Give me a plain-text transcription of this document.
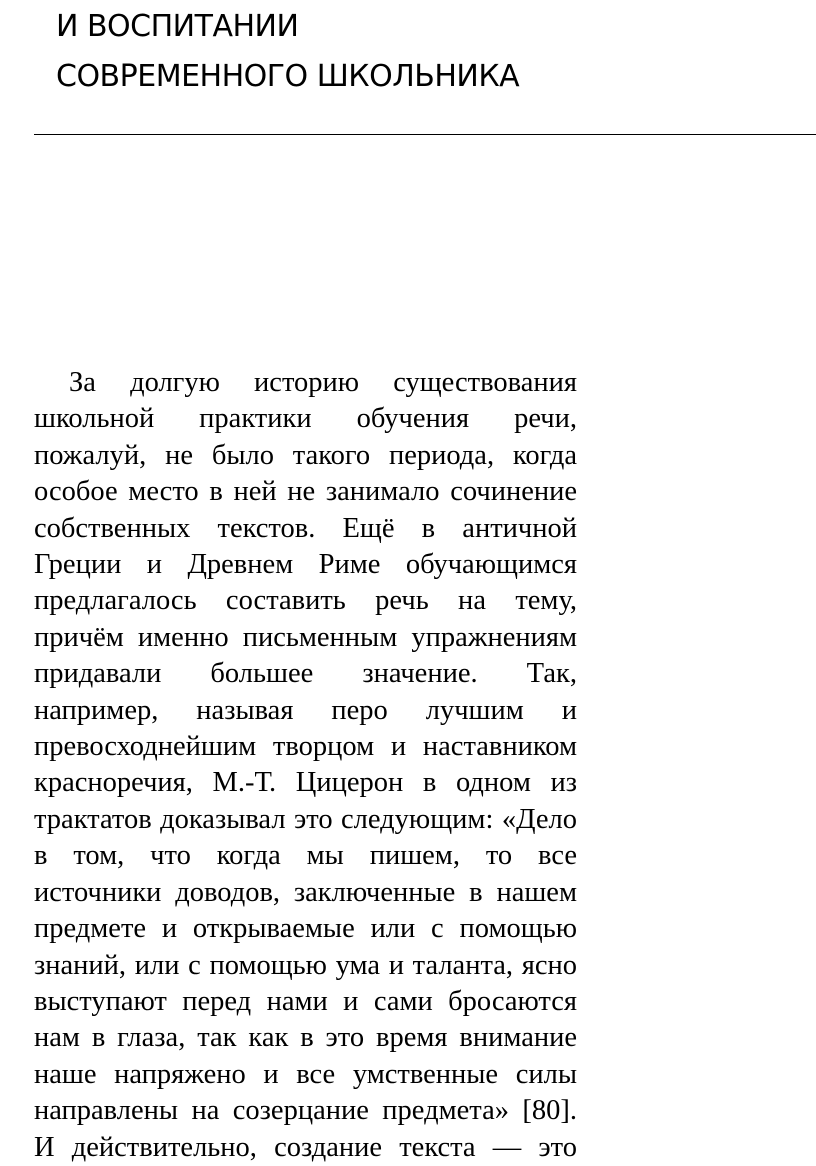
И ВОСПИТАНИИ
СОВРЕМЕННОГО ШКОЛЬНИКА
За долгую историю существования
школьной практики обучения речи,
пожалуй, не было такого периода, когда
особое место в ней не занимало сочинение
собственных текстов. Ещё в античной
Греции и Древнем Риме обучающимся
предлагалось составить речь на тему,
причём именно письменным упражнениям
придавали большее значение. Так,
например, называя перо лучшим и
превосходнейшим творцом и наставником
красноречия, М.-Т. Цицерон в одном из
трактатов доказывал это следующим: «Дело
в том, что когда мы пишем, то все
источники доводов, заключенные в нашем
предмете и открываемые или с помощью
знаний, или с помощью ума и таланта, ясно
выступают перед нами и сами бросаются
нам в глаза, так как в это время внимание
наше напряжено и все умственные силы
направлены на созерцание предмета» [80].
И действительно, создание текста — это
